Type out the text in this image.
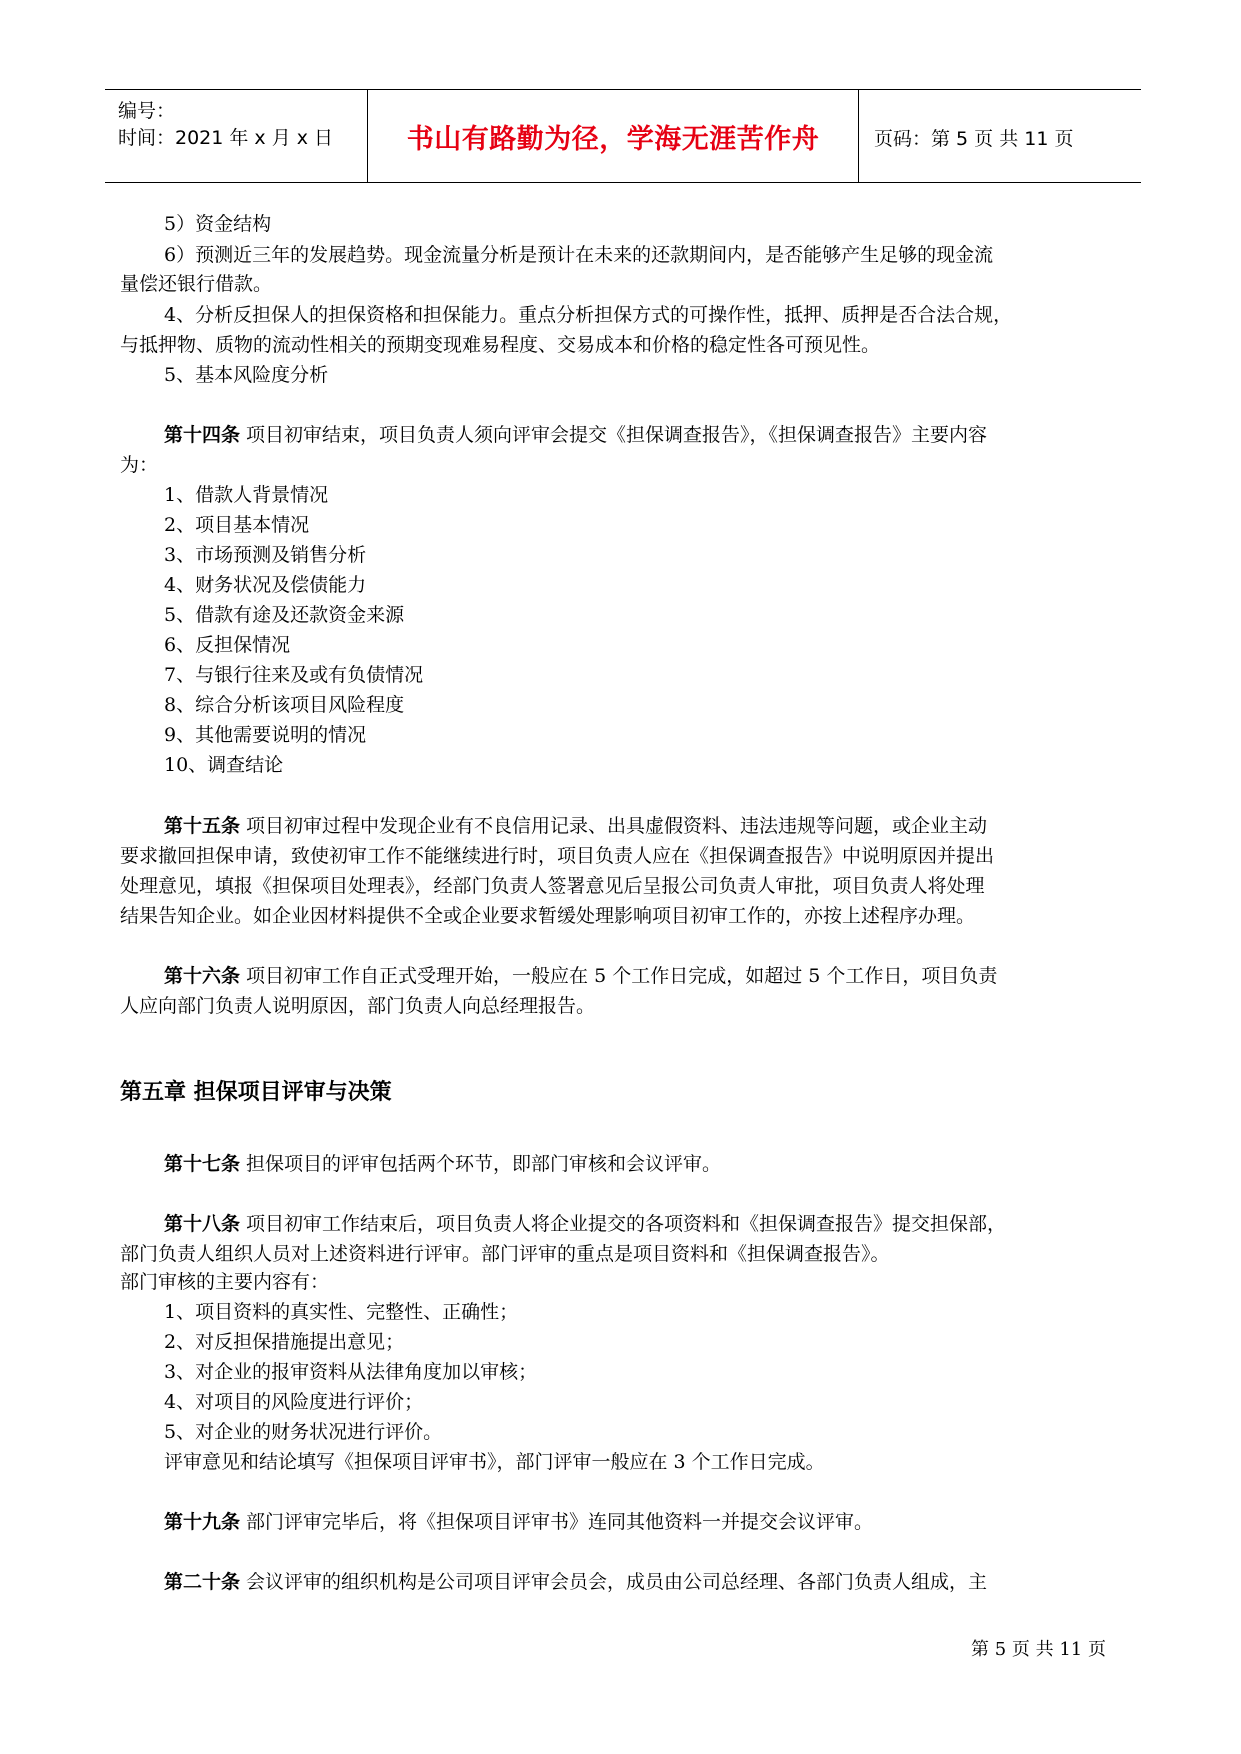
编号：
时间：2021 年 x 月 x 日	书山有路勤为径，学海无涯苦作舟	页码：第 5 页 共 11 页
5）资金结构
6）预测近三年的发展趋势。现金流量分析是预计在未来的还款期间内，是否能够产生足够的现金流
量偿还银行借款。
4、分析反担保人的担保资格和担保能力。重点分析担保方式的可操作性，抵押、质押是否合法合规，
与抵押物、质物的流动性相关的预期变现难易程度、交易成本和价格的稳定性各可预见性。
5、基本风险度分析
第十四条 项目初审结束，项目负责人须向评审会提交《担保调查报告》，《担保调查报告》主要内容
为：
1、借款人背景情况
2、项目基本情况
3、市场预测及销售分析
4、财务状况及偿债能力
5、借款有途及还款资金来源
6、反担保情况
7、与银行往来及或有负债情况
8、综合分析该项目风险程度
9、其他需要说明的情况
10、调查结论
第十五条 项目初审过程中发现企业有不良信用记录、出具虚假资料、违法违规等问题，或企业主动
要求撤回担保申请，致使初审工作不能继续进行时，项目负责人应在《担保调查报告》中说明原因并提出
处理意见，填报《担保项目处理表》，经部门负责人签署意见后呈报公司负责人审批，项目负责人将处理
结果告知企业。如企业因材料提供不全或企业要求暂缓处理影响项目初审工作的，亦按上述程序办理。
第十六条 项目初审工作自正式受理开始，一般应在 5 个工作日完成，如超过 5 个工作日，项目负责
人应向部门负责人说明原因，部门负责人向总经理报告。
第五章 担保项目评审与决策
第十七条 担保项目的评审包括两个环节，即部门审核和会议评审。
第十八条 项目初审工作结束后，项目负责人将企业提交的各项资料和《担保调查报告》提交担保部，
部门负责人组织人员对上述资料进行评审。部门评审的重点是项目资料和《担保调查报告》。
部门审核的主要内容有：
1、项目资料的真实性、完整性、正确性；
2、对反担保措施提出意见；
3、对企业的报审资料从法律角度加以审核；
4、对项目的风险度进行评价；
5、对企业的财务状况进行评价。
评审意见和结论填写《担保项目评审书》，部门评审一般应在 3 个工作日完成。
第十九条 部门评审完毕后，将《担保项目评审书》连同其他资料一并提交会议评审。
第二十条 会议评审的组织机构是公司项目评审会员会，成员由公司总经理、各部门负责人组成，主
第 5 页 共 11 页
